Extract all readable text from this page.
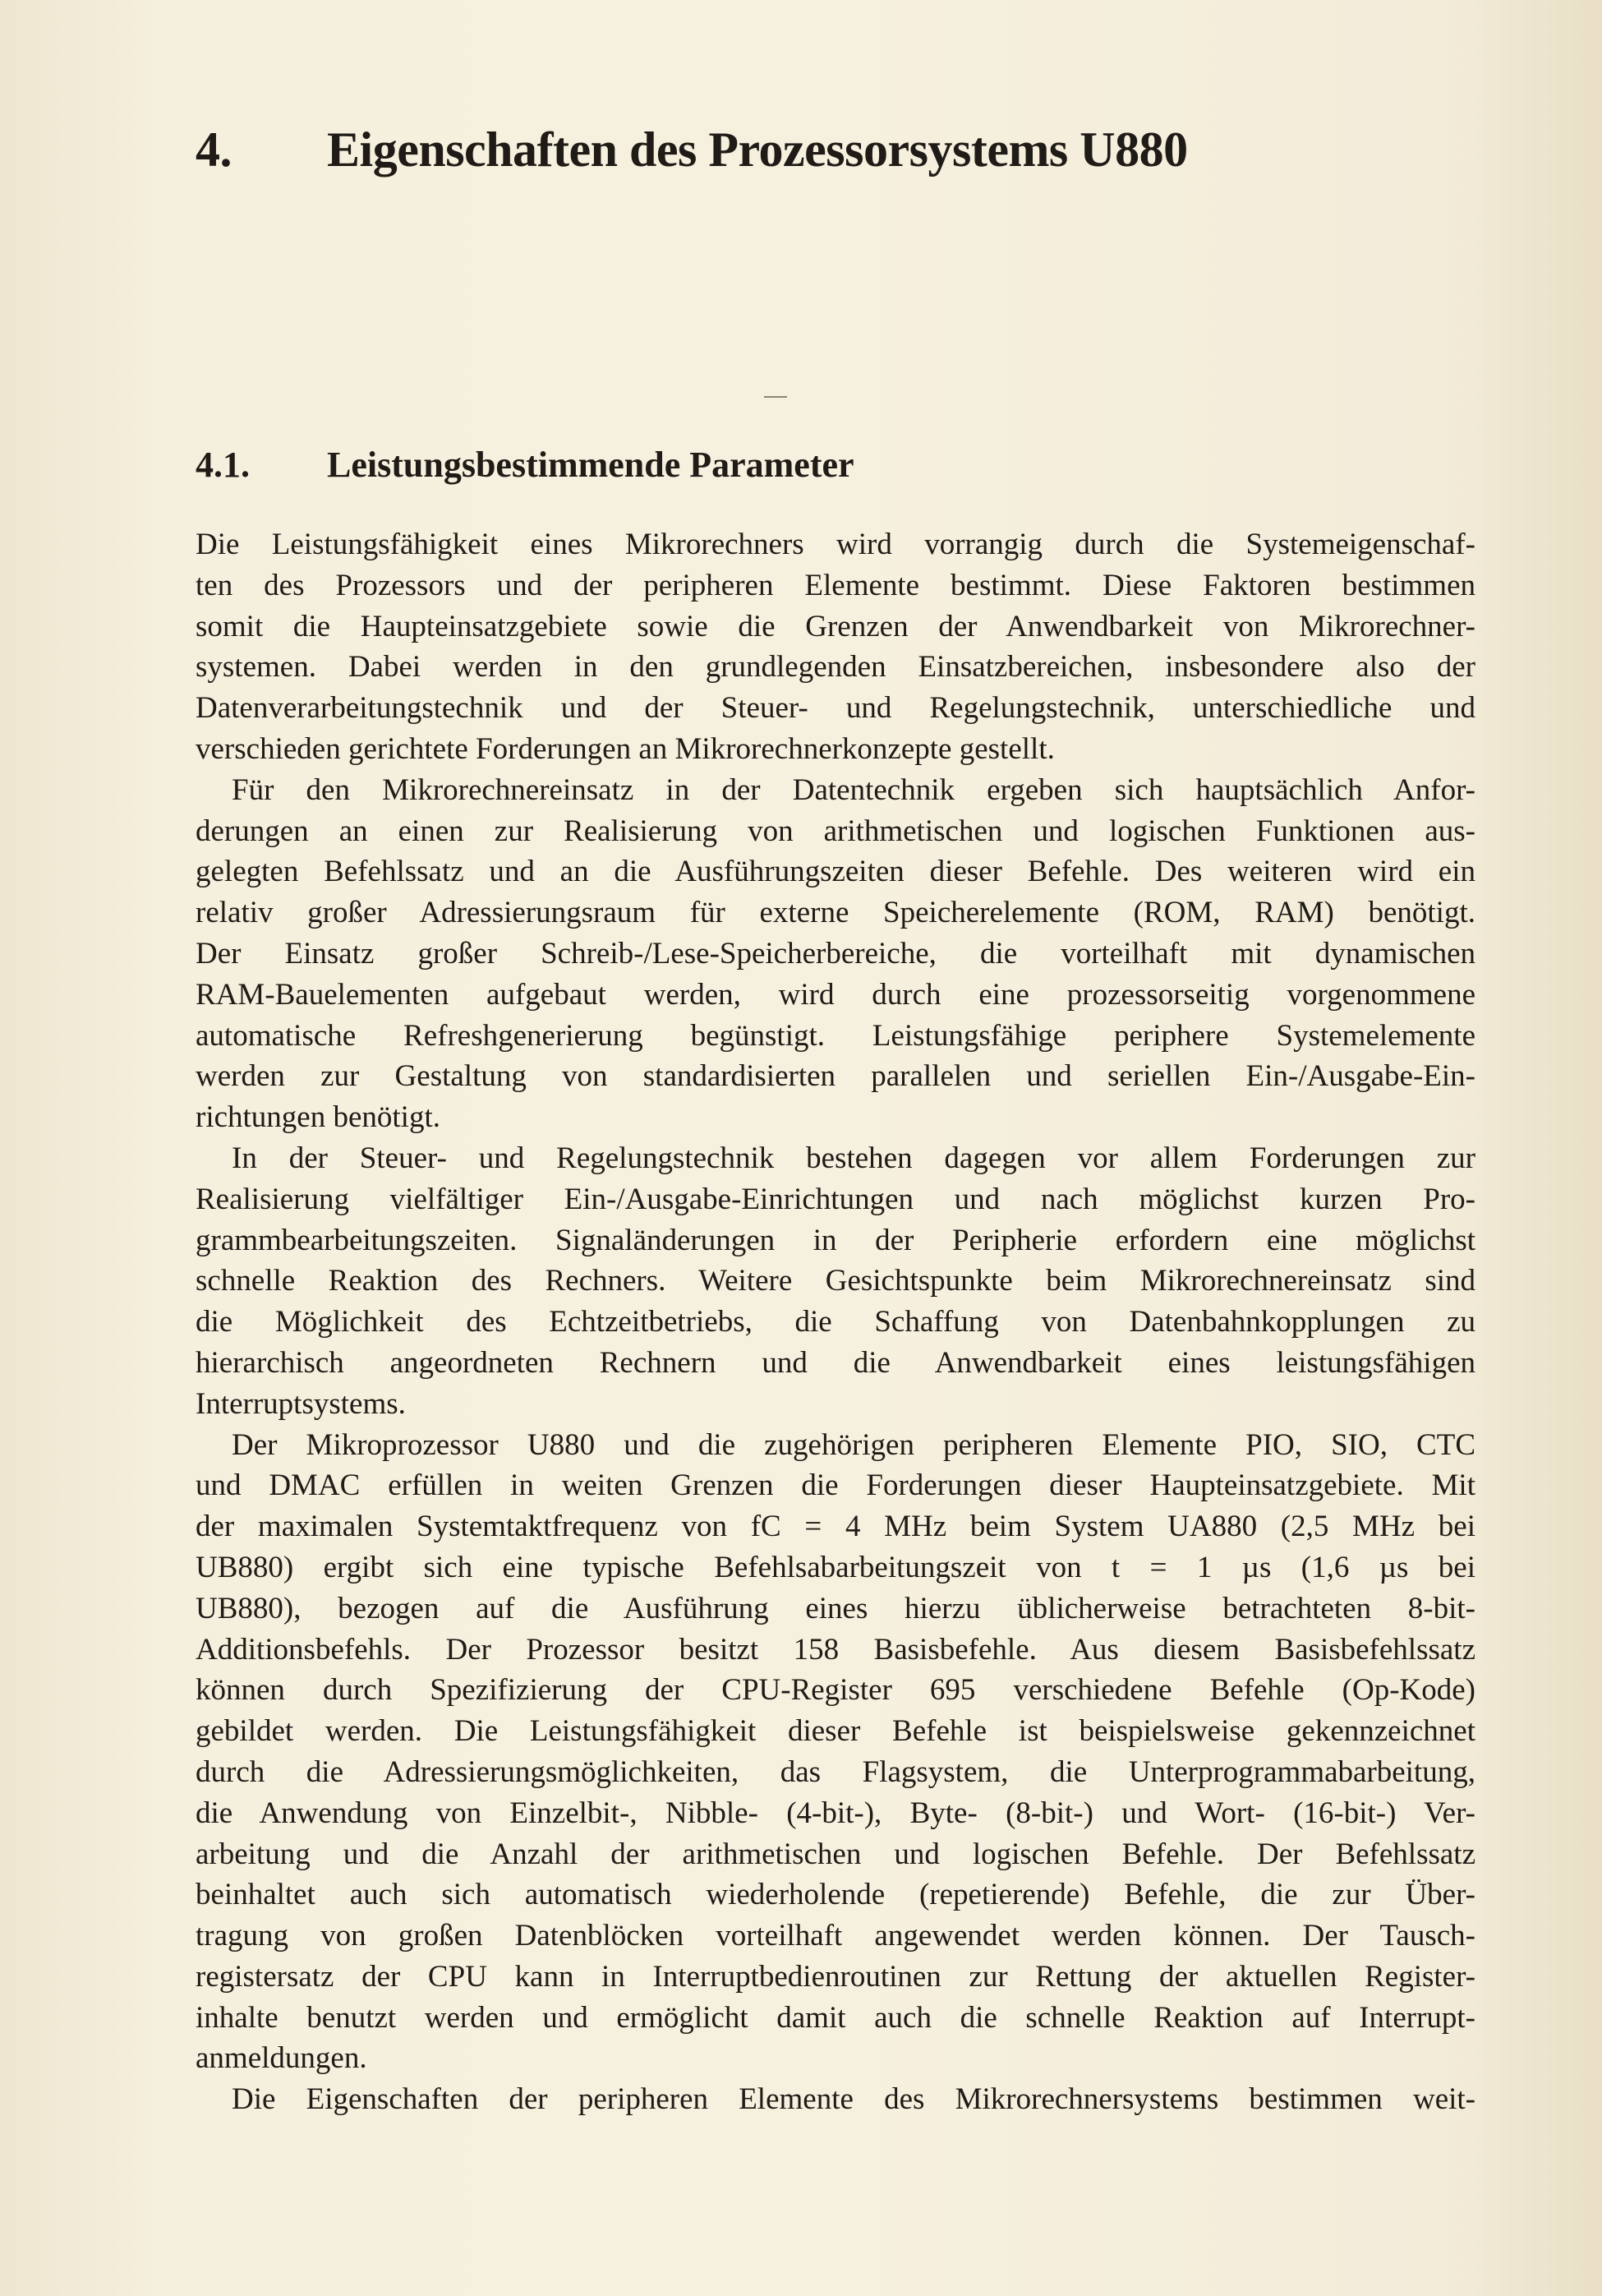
4. Eigenschaften des Prozessorsystems U880
4.1. Leistungsbestimmende Parameter
Die Leistungsfähigkeit eines Mikrorechners wird vorrangig durch die Systemeigenschaf-
ten des Prozessors und der peripheren Elemente bestimmt. Diese Faktoren bestimmen
somit die Haupteinsatzgebiete sowie die Grenzen der Anwendbarkeit von Mikrorechner-
systemen. Dabei werden in den grundlegenden Einsatzbereichen, insbesondere also der
Datenverarbeitungstechnik und der Steuer- und Regelungstechnik, unterschiedliche und
verschieden gerichtete Forderungen an Mikrorechnerkonzepte gestellt.
Für den Mikrorechnereinsatz in der Datentechnik ergeben sich hauptsächlich Anfor-
derungen an einen zur Realisierung von arithmetischen und logischen Funktionen aus-
gelegten Befehlssatz und an die Ausführungszeiten dieser Befehle. Des weiteren wird ein
relativ großer Adressierungsraum für externe Speicherelemente (ROM, RAM) benötigt.
Der Einsatz großer Schreib-/Lese-Speicherbereiche, die vorteilhaft mit dynamischen
RAM-Bauelementen aufgebaut werden, wird durch eine prozessorseitig vorgenommene
automatische Refreshgenerierung begünstigt. Leistungsfähige periphere Systemelemente
werden zur Gestaltung von standardisierten parallelen und seriellen Ein-/Ausgabe-Ein-
richtungen benötigt.
In der Steuer- und Regelungstechnik bestehen dagegen vor allem Forderungen zur
Realisierung vielfältiger Ein-/Ausgabe-Einrichtungen und nach möglichst kurzen Pro-
grammbearbeitungszeiten. Signaländerungen in der Peripherie erfordern eine möglichst
schnelle Reaktion des Rechners. Weitere Gesichtspunkte beim Mikrorechnereinsatz sind
die Möglichkeit des Echtzeitbetriebs, die Schaffung von Datenbahnkopplungen zu
hierarchisch angeordneten Rechnern und die Anwendbarkeit eines leistungsfähigen
Interruptsystems.
Der Mikroprozessor U880 und die zugehörigen peripheren Elemente PIO, SIO, CTC
und DMAC erfüllen in weiten Grenzen die Forderungen dieser Haupteinsatzgebiete. Mit
der maximalen Systemtaktfrequenz von fC = 4 MHz beim System UA880 (2,5 MHz bei
UB880) ergibt sich eine typische Befehlsabarbeitungszeit von t = 1 µs (1,6 µs bei
UB880), bezogen auf die Ausführung eines hierzu üblicherweise betrachteten 8-bit-
Additionsbefehls. Der Prozessor besitzt 158 Basisbefehle. Aus diesem Basisbefehlssatz
können durch Spezifizierung der CPU-Register 695 verschiedene Befehle (Op-Kode)
gebildet werden. Die Leistungsfähigkeit dieser Befehle ist beispielsweise gekennzeichnet
durch die Adressierungsmöglichkeiten, das Flagsystem, die Unterprogrammabarbeitung,
die Anwendung von Einzelbit-, Nibble- (4-bit-), Byte- (8-bit-) und Wort- (16-bit-) Ver-
arbeitung und die Anzahl der arithmetischen und logischen Befehle. Der Befehlssatz
beinhaltet auch sich automatisch wiederholende (repetierende) Befehle, die zur Über-
tragung von großen Datenblöcken vorteilhaft angewendet werden können. Der Tausch-
registersatz der CPU kann in Interruptbedienroutinen zur Rettung der aktuellen Register-
inhalte benutzt werden und ermöglicht damit auch die schnelle Reaktion auf Interrupt-
anmeldungen.
Die Eigenschaften der peripheren Elemente des Mikrorechnersystems bestimmen weit-
